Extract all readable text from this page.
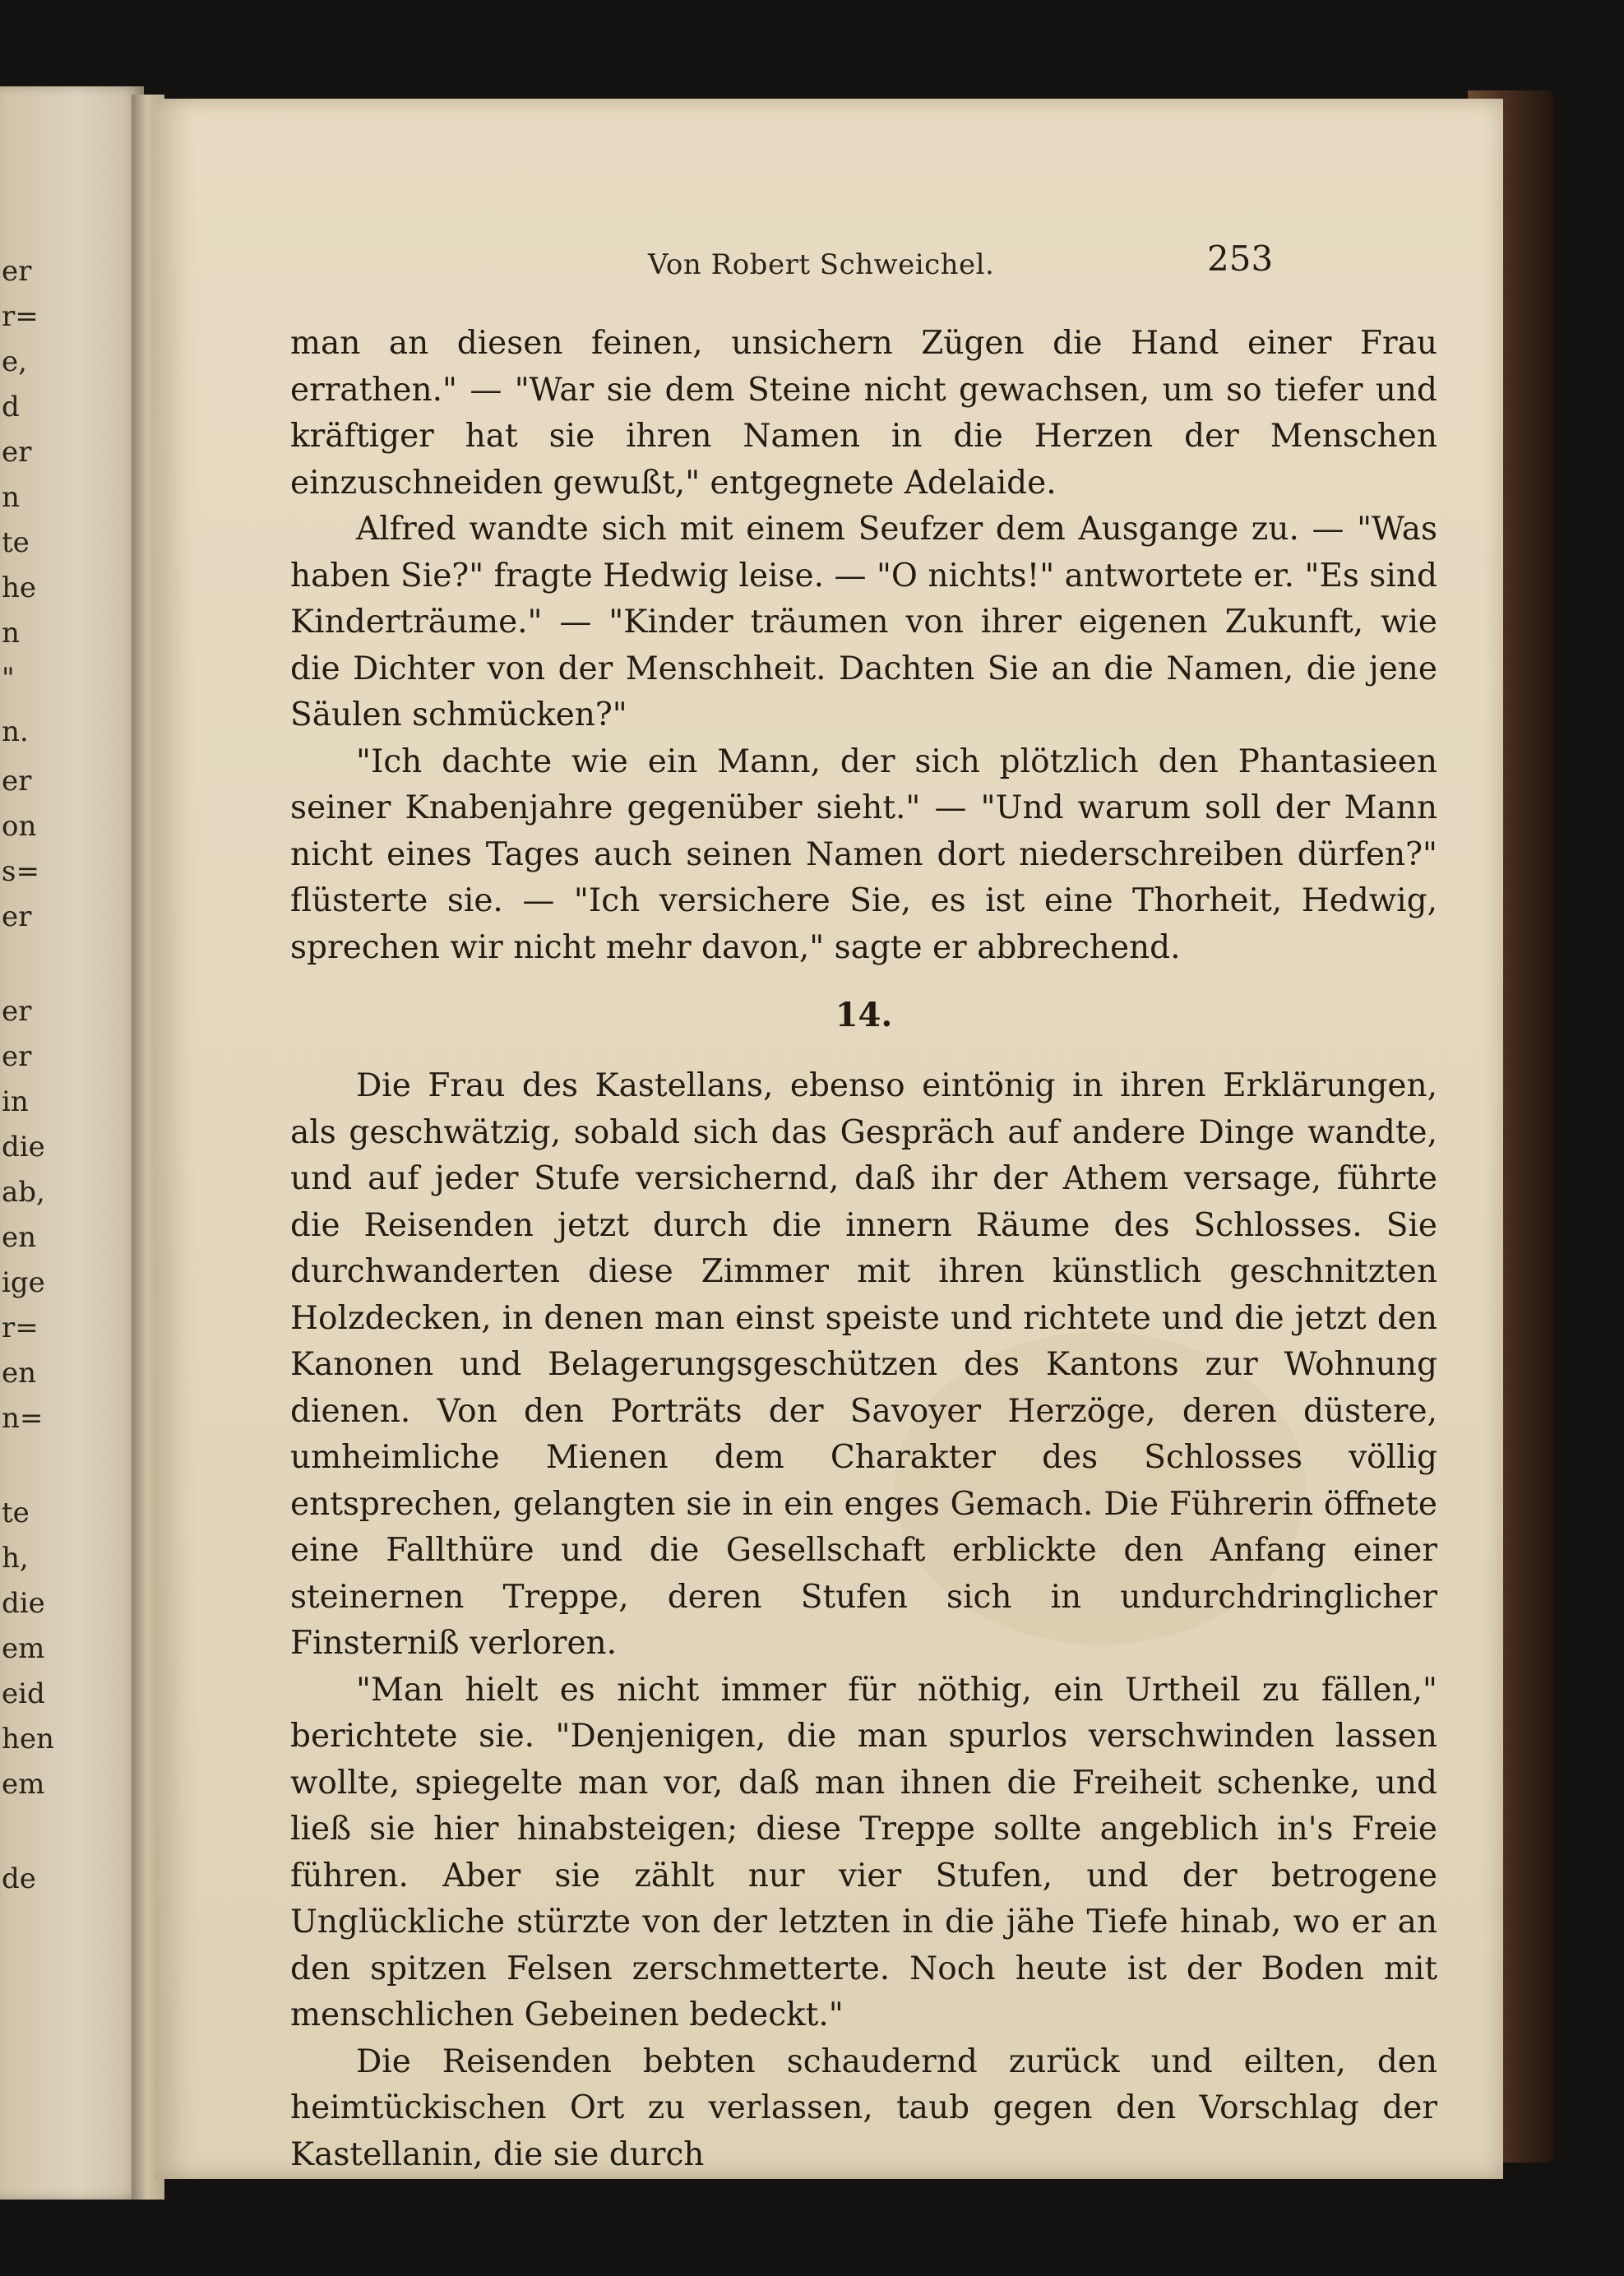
er
r=
e,
d
er
n
te
he
n
"
n.
er
on
s=
er
er
er
in
die
ab,
en
ige
r=
en
n=
te
h,
die
em
eid
hen
em
de
Von Robert Schweichel.	253

man an diesen feinen, unsichern Zügen die Hand einer Frau errathen." — "War sie dem Steine nicht gewachsen, um so tiefer und kräftiger hat sie ihren Namen in die Herzen der Menschen einzuschneiden gewußt," entgegnete Adelaide.

Alfred wandte sich mit einem Seufzer dem Ausgange zu. — "Was haben Sie?" fragte Hedwig leise. — "O nichts!" antwortete er. "Es sind Kinderträume." — "Kinder träumen von ihrer eigenen Zukunft, wie die Dichter von der Menschheit. Dachten Sie an die Namen, die jene Säulen schmücken?"

"Ich dachte wie ein Mann, der sich plötzlich den Phantasieen seiner Knabenjahre gegenüber sieht." — "Und warum soll der Mann nicht eines Tages auch seinen Namen dort niederschreiben dürfen?" flüsterte sie. — "Ich versichere Sie, es ist eine Thorheit, Hedwig, sprechen wir nicht mehr davon," sagte er abbrechend.

14.

Die Frau des Kastellans, ebenso eintönig in ihren Erklärungen, als geschwätzig, sobald sich das Gespräch auf andere Dinge wandte, und auf jeder Stufe versichernd, daß ihr der Athem versage, führte die Reisenden jetzt durch die innern Räume des Schlosses. Sie durchwanderten diese Zimmer mit ihren künstlich geschnitzten Holzdecken, in denen man einst speiste und richtete und die jetzt den Kanonen und Belagerungsgeschützen des Kantons zur Wohnung dienen. Von den Porträts der Savoyer Herzöge, deren düstere, umheimliche Mienen dem Charakter des Schlosses völlig entsprechen, gelangten sie in ein enges Gemach. Die Führerin öffnete eine Fallthüre und die Gesellschaft erblickte den Anfang einer steinernen Treppe, deren Stufen sich in undurchdringlicher Finsterniß verloren.

"Man hielt es nicht immer für nöthig, ein Urtheil zu fällen," berichtete sie. "Denjenigen, die man spurlos verschwinden lassen wollte, spiegelte man vor, daß man ihnen die Freiheit schenke, und ließ sie hier hinabsteigen; diese Treppe sollte angeblich in's Freie führen. Aber sie zählt nur vier Stufen, und der betrogene Unglückliche stürzte von der letzten in die jähe Tiefe hinab, wo er an den spitzen Felsen zerschmetterte. Noch heute ist der Boden mit menschlichen Gebeinen bedeckt."

Die Reisenden bebten schaudernd zurück und eilten, den heimtückischen Ort zu verlassen, taub gegen den Vorschlag der Kastellanin, die sie durch
